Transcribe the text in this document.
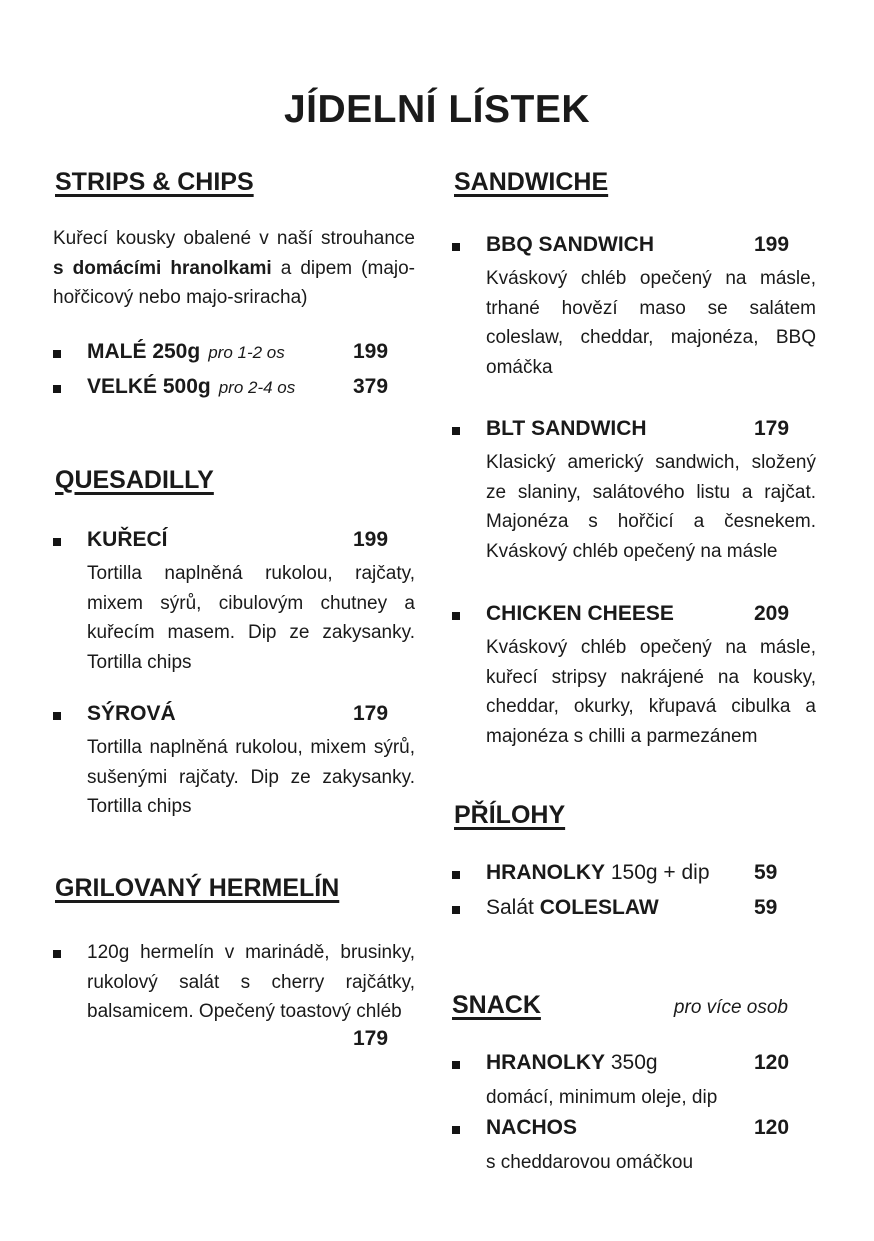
JÍDELNÍ LÍSTEK
STRIPS & CHIPS

Kuřecí kousky obalené v naší strouhance s domácími hranolkami a dipem (majo-hořčicový nebo majo-sriracha)

MALÉ 250g pro 1-2 os	199
VELKÉ 500g pro 2-4 os	379
QUESADILLY
KUŘECÍ	199

Tortilla naplněná rukolou, rajčaty, mixem sýrů, cibulovým chutney a kuřecím masem. Dip ze zakysanky. Tortilla chips

SÝROVÁ	179

Tortilla naplněná rukolou, mixem sýrů, sušenými rajčaty. Dip ze zakysanky. Tortilla chips

GRILOVANÝ HERMELÍN

120g hermelín v marinádě, brusinky, rukolový salát s cherry rajčátky, balsamicem. Opečený toastový chléb

179
SANDWICHE
BBQ SANDWICH	199

Kváskový chléb opečený na másle, trhané hovězí maso se salátem coleslaw, cheddar, majonéza, BBQ omáčka

BLT SANDWICH	179

Klasický americký sandwich, složený ze slaniny, salátového listu a rajčat. Majonéza s hořčicí a česnekem. Kváskový chléb opečený na másle

CHICKEN CHEESE	209

Kváskový chléb opečený na másle, kuřecí stripsy nakrájené na kousky, cheddar, okurky, křupavá cibulka a majonéza s chilli a parmezánem

PŘÍLOHY
HRANOLKY 150g + dip 59
Salát COLESLAW	59
SNACK	pro více osob
HRANOLKY 350g	120

domácí, minimum oleje, dip

NACHOS	120

s cheddarovou omáčkou
